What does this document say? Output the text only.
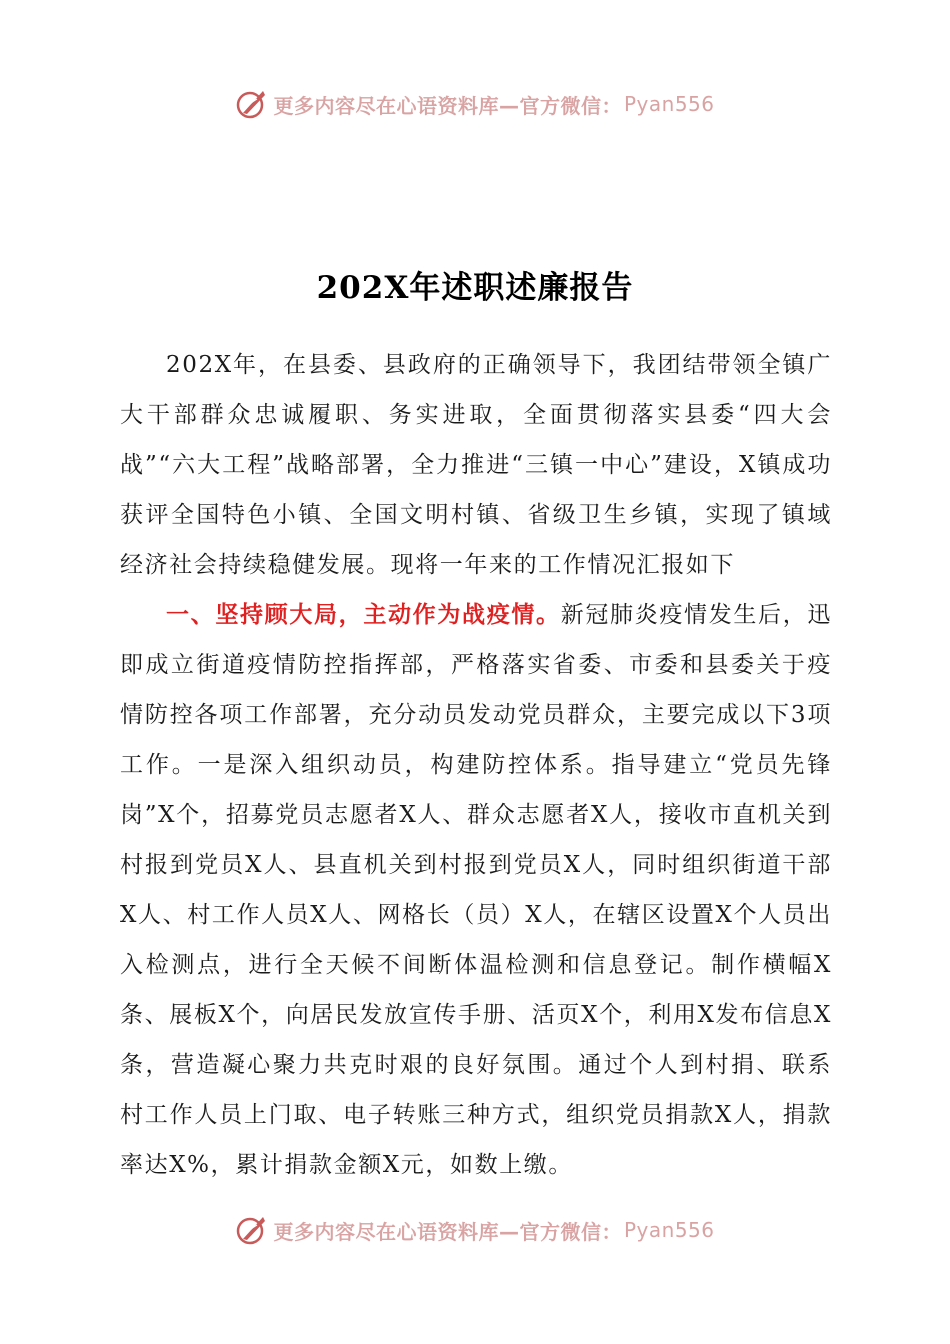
更多内容尽在心语资料库—官方微信： Pyan556
202X年述职述廉报告

202X年，在县委、县政府的正确领导下，我团结带领全镇广大干部群众忠诚履职、务实进取，全面贯彻落实县委“四大会战”“六大工程”战略部署，全力推进“三镇一中心”建设，X镇成功获评全国特色小镇、全国文明村镇、省级卫生乡镇，实现了镇域经济社会持续稳健发展。现将一年来的工作情况汇报如下

一、坚持顾大局，主动作为战疫情。新冠肺炎疫情发生后，迅即成立街道疫情防控指挥部，严格落实省委、市委和县委关于疫情防控各项工作部署，充分动员发动党员群众，主要完成以下3项工作。一是深入组织动员，构建防控体系。指导建立“党员先锋岗”X个，招募党员志愿者X人、群众志愿者X人，接收市直机关到村报到党员X人、县直机关到村报到党员X人，同时组织街道干部X人、村工作人员X人、网格长（员）X人，在辖区设置X个人员出入检测点，进行全天候不间断体温检测和信息登记。制作横幅X条、展板X个，向居民发放宣传手册、活页X个，利用X发布信息X条，营造凝心聚力共克时艰的良好氛围。通过个人到村捐、联系村工作人员上门取、电子转账三种方式，组织党员捐款X人，捐款率达X%，累计捐款金额X元，如数上缴。

更多内容尽在心语资料库—官方微信： Pyan556
